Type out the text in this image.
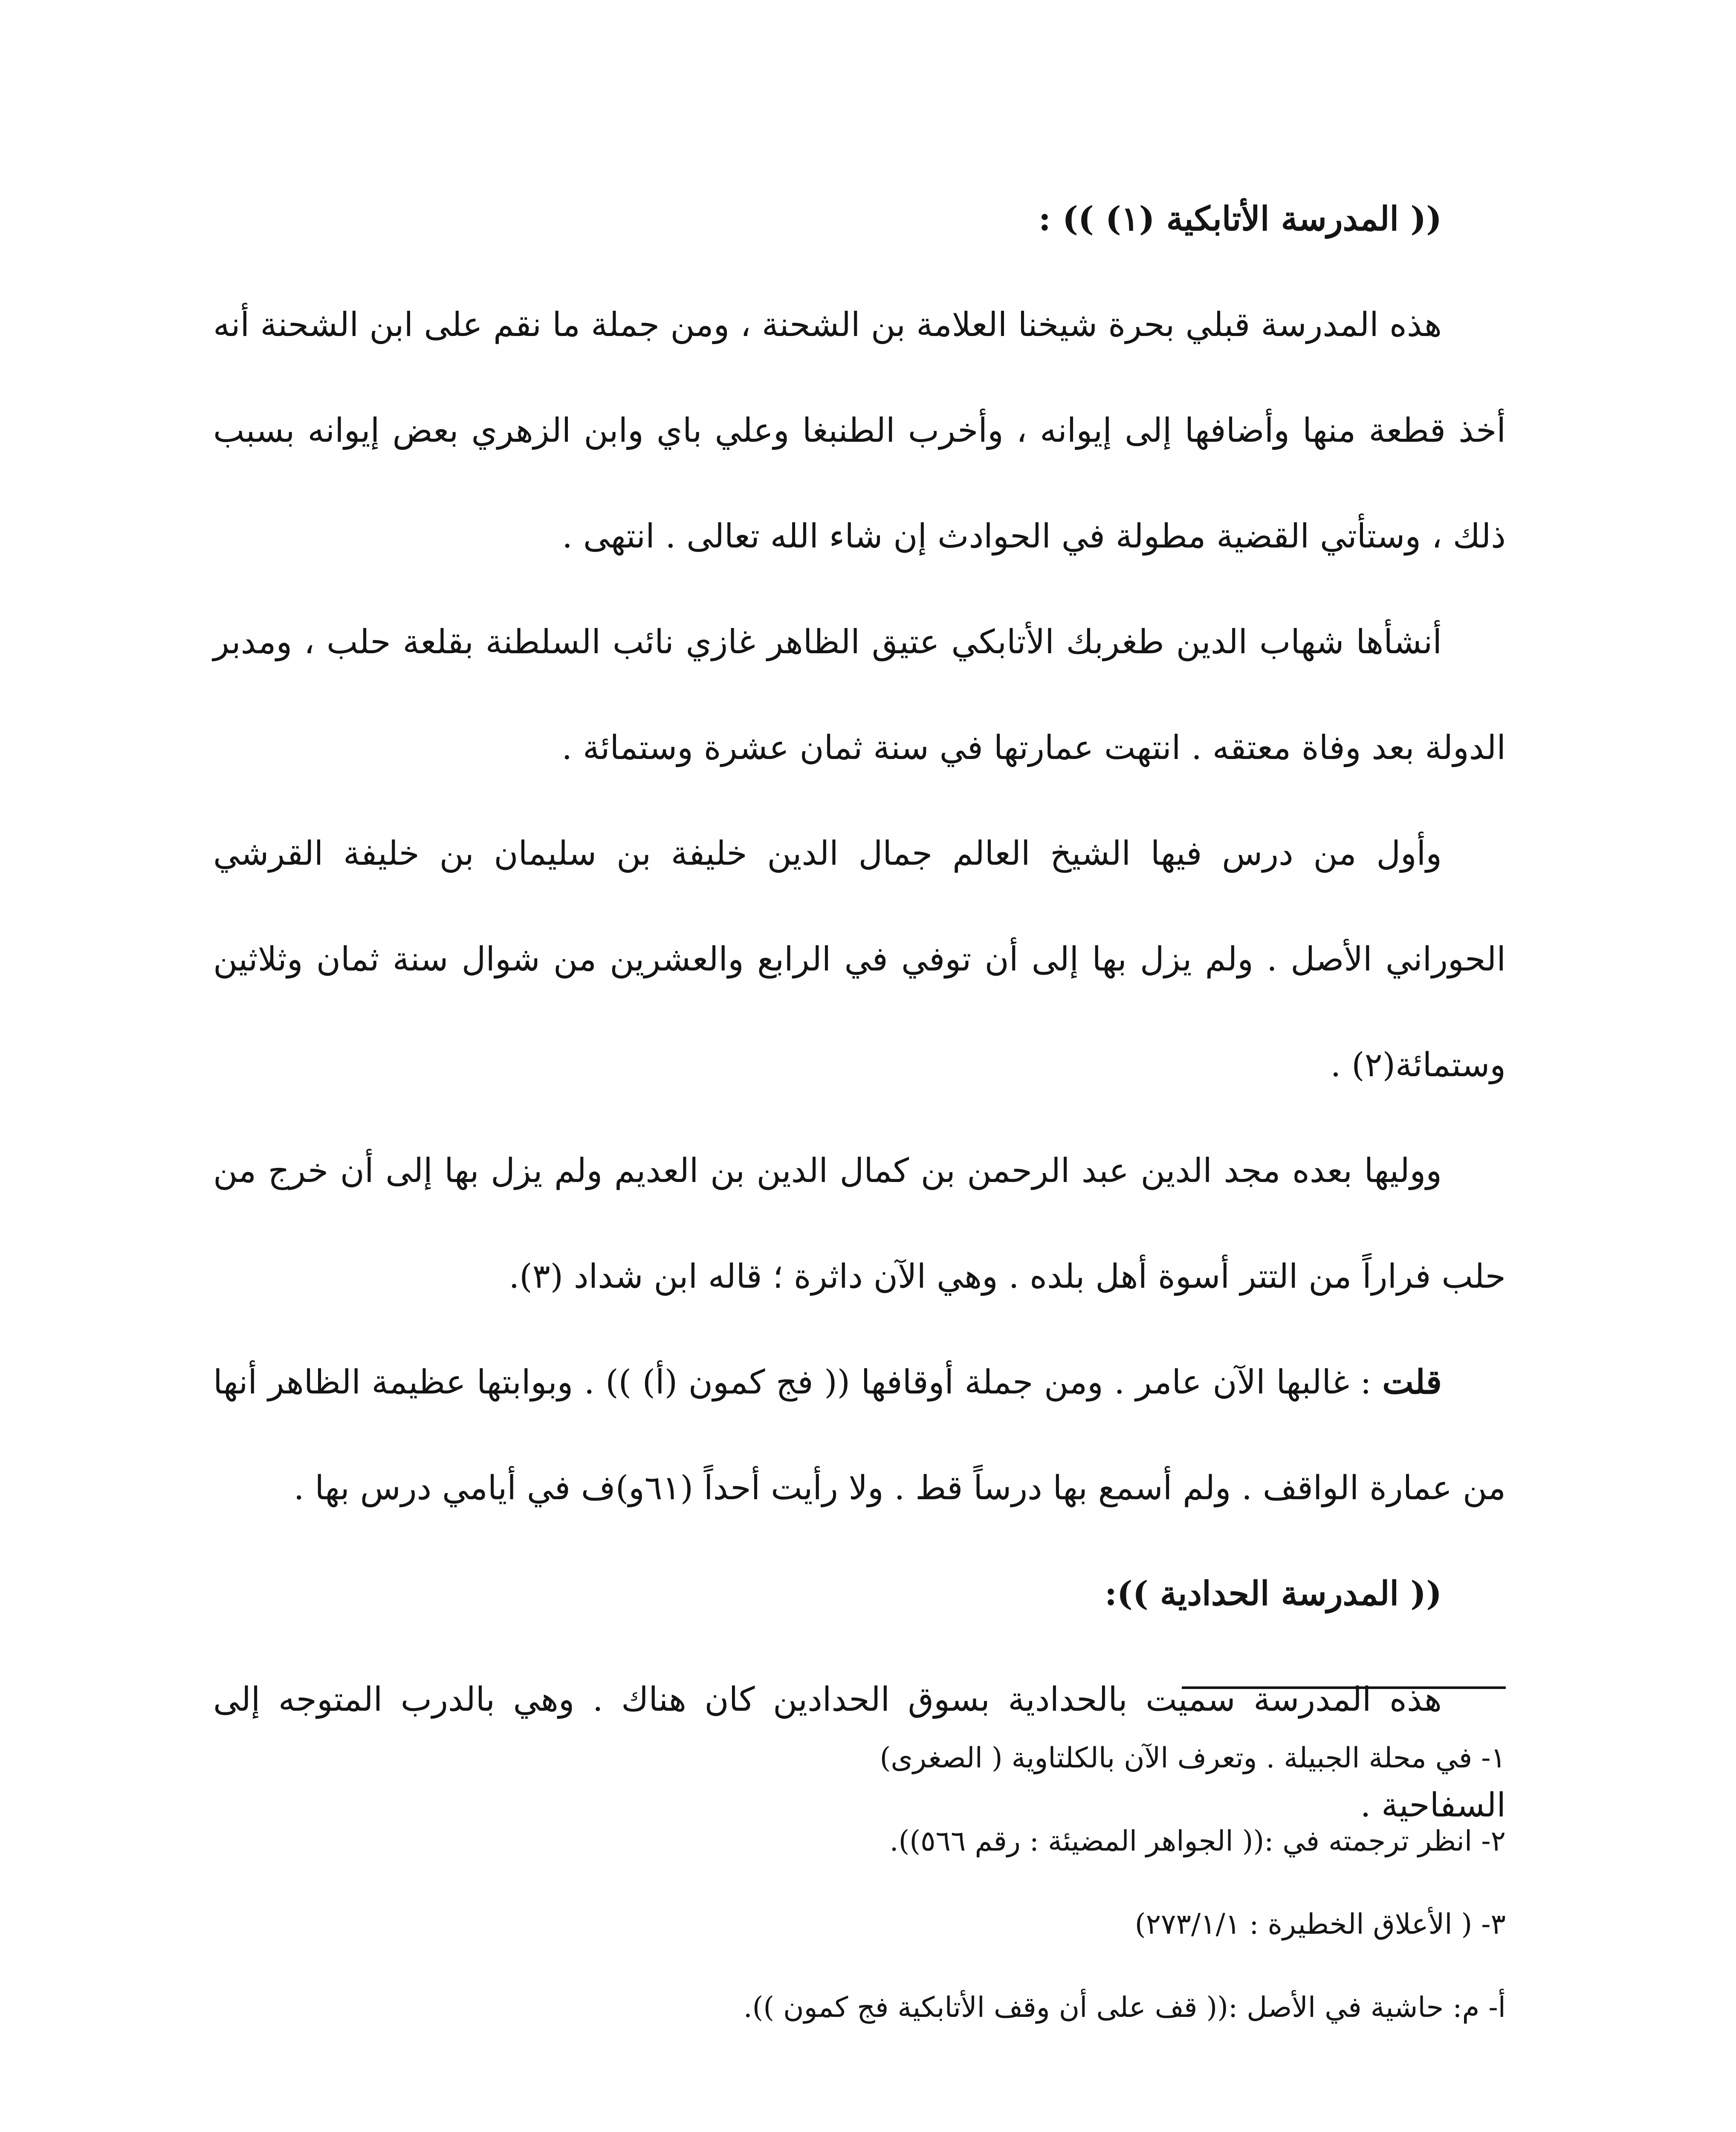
(( المدرسة الأتابكية (١) )) :

هذه المدرسة قبلي بحرة شيخنا العلامة بن الشحنة ، ومن جملة ما نقم على ابن الشحنة أنه أخذ قطعة منها وأضافها إلى إيوانه ، وأخرب الطنبغا وعلي باي وابن الزهري بعض إيوانه بسبب ذلك ، وستأتي القضية مطولة في الحوادث إن شاء الله تعالى . انتهى .

أنشأها شهاب الدين طغربك الأتابكي عتيق الظاهر غازي نائب السلطنة بقلعة حلب ، ومدبر الدولة بعد وفاة معتقه . انتهت عمارتها في سنة ثمان عشرة وستمائة .

وأول من درس فيها الشيخ العالم جمال الدين خليفة بن سليمان بن خليفة القرشي الحوراني الأصل . ولم يزل بها إلى أن توفي في الرابع والعشرين من شوال سنة ثمان وثلاثين وستمائة(٢) .

ووليها بعده مجد الدين عبد الرحمن بن كمال الدين بن العديم ولم يزل بها إلى أن خرج من حلب فراراً من التتر أسوة أهل بلده . وهي الآن داثرة ؛ قاله ابن شداد (٣).

قلت : غالبها الآن عامر . ومن جملة أوقافها (( فج كمون (أ) )) . وبوابتها عظيمة الظاهر أنها من عمارة الواقف . ولم أسمع بها درساً قط . ولا رأيت أحداً (٦١و)ف في أيامي درس بها .

(( المدرسة الحدادية )):

هذه المدرسة سميت بالحدادية بسوق الحدادين كان هناك . وهي بالدرب المتوجه إلى السفاحية .

١- في محلة الجبيلة . وتعرف الآن بالكلتاوية ( الصغرى)

٢- انظر ترجمته في :(( الجواهر المضيئة : رقم ٥٦٦)).

٣- ( الأعلاق الخطيرة : ٢٧٣/١/١)

أ- م: حاشية في الأصل :(( قف على أن وقف الأتابكية فج كمون )).
